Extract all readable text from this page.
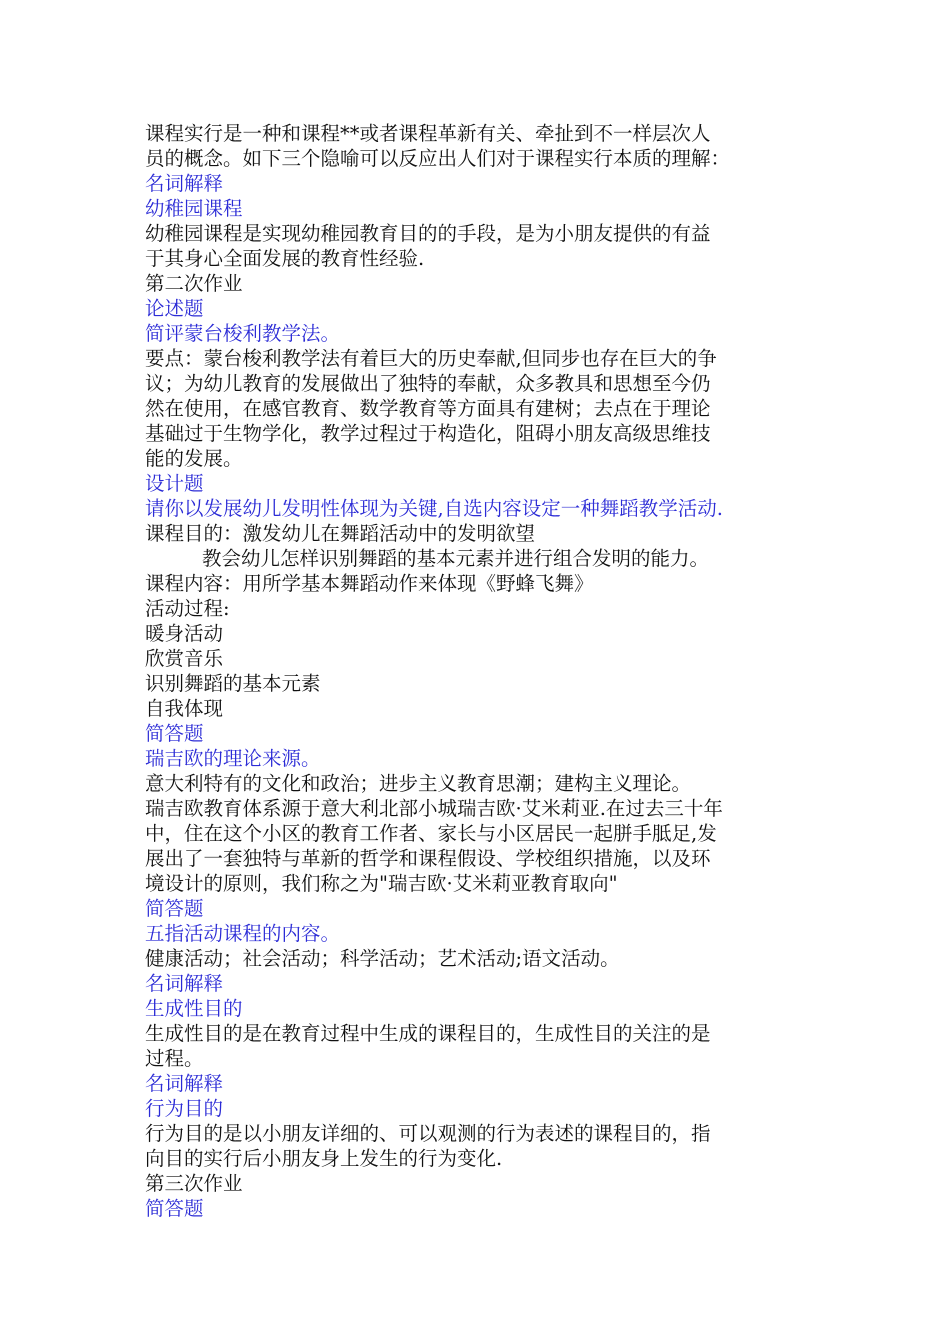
课程实行是一种和课程**或者课程革新有关、牵扯到不一样层次人
员的概念。如下三个隐喻可以反应出人们对于课程实行本质的理解：
名词解释
幼稚园课程
幼稚园课程是实现幼稚园教育目的的手段，是为小朋友提供的有益
于其身心全面发展的教育性经验.
第二次作业
论述题
简评蒙台梭利教学法。
要点：蒙台梭利教学法有着巨大的历史奉献,但同步也存在巨大的争
议；为幼儿教育的发展做出了独特的奉献，众多教具和思想至今仍
然在使用，在感官教育、数学教育等方面具有建树；去点在于理论
基础过于生物学化，教学过程过于构造化，阻碍小朋友高级思维技
能的发展。
设计题
请你以发展幼儿发明性体现为关键,自选内容设定一种舞蹈教学活动.
课程目的：激发幼儿在舞蹈活动中的发明欲望
教会幼儿怎样识别舞蹈的基本元素并进行组合发明的能力。
课程内容：用所学基本舞蹈动作来体现《野蜂飞舞》
活动过程:
暖身活动
欣赏音乐
识别舞蹈的基本元素
自我体现
简答题
瑞吉欧的理论来源。
意大利特有的文化和政治；进步主义教育思潮；建构主义理论。
瑞吉欧教育体系源于意大利北部小城瑞吉欧·艾米莉亚.在过去三十年
中，住在这个小区的教育工作者、家长与小区居民一起胼手胝足,发
展出了一套独特与革新的哲学和课程假设、学校组织措施，以及环
境设计的原则，我们称之为"瑞吉欧·艾米莉亚教育取向"
简答题
五指活动课程的内容。
健康活动；社会活动；科学活动；艺术活动;语文活动。
名词解释
生成性目的
生成性目的是在教育过程中生成的课程目的，生成性目的关注的是
过程。
名词解释
行为目的
行为目的是以小朋友详细的、可以观测的行为表述的课程目的，指
向目的实行后小朋友身上发生的行为变化.
第三次作业
简答题
